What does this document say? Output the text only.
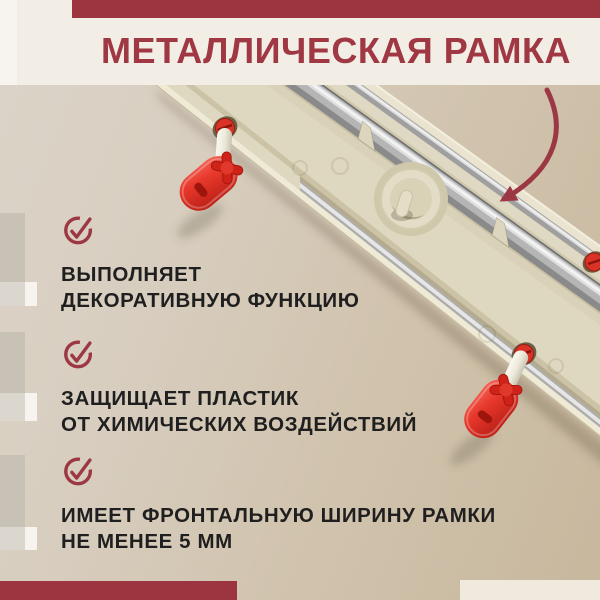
МЕТАЛЛИЧЕСКАЯ РАМКА

ВЫПОЛНЯЕТ

ДЕКОРАТИВНУЮ ФУНКЦИЮ

ЗАЩИЩАЕТ ПЛАСТИК

ОТ ХИМИЧЕСКИХ ВОЗДЕЙСТВИЙ

ИМЕЕТ ФРОНТАЛЬНУЮ ШИРИНУ РАМКИ

НЕ МЕНЕЕ 5 ММ
